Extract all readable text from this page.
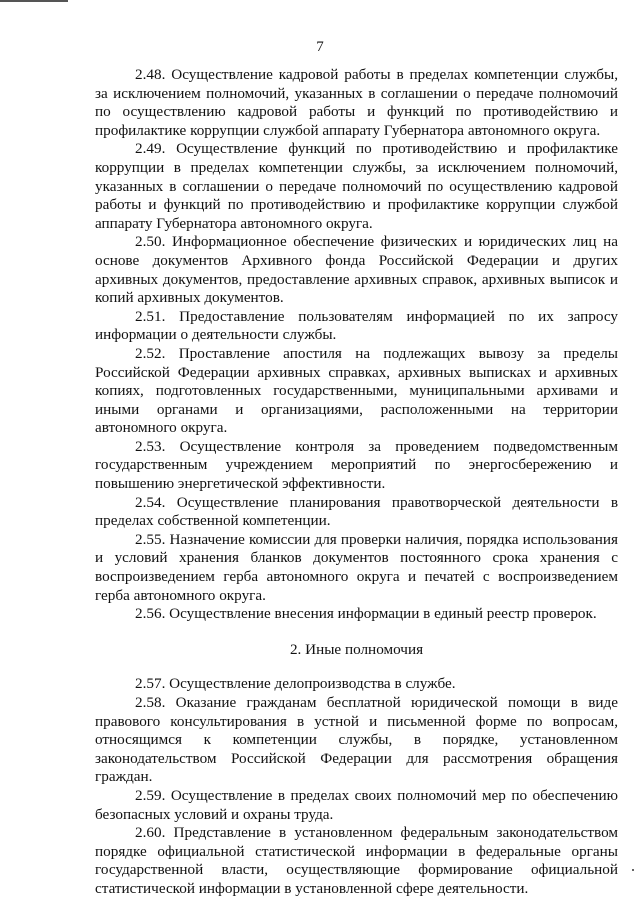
7

2.48. Осуществление кадровой работы в пределах компетенции службы, за исключением полномочий, указанных в соглашении о передаче полномочий по осуществлению кадровой работы и функций по противодействию и профилактике коррупции службой аппарату Губернатора автономного округа.

2.49. Осуществление функций по противодействию и профилактике коррупции в пределах компетенции службы, за исключением полномочий, указанных в соглашении о передаче полномочий по осуществлению кадровой работы и функций по противодействию и профилактике коррупции службой аппарату Губернатора автономного округа.

2.50. Информационное обеспечение физических и юридических лиц на основе документов Архивного фонда Российской Федерации и других архивных документов, предоставление архивных справок, архивных выписок и копий архивных документов.

2.51. Предоставление пользователям информацией по их запросу информации о деятельности службы.

2.52. Проставление апостиля на подлежащих вывозу за пределы Российской Федерации архивных справках, архивных выписках и архивных копиях, подготовленных государственными, муниципальными архивами и иными органами и организациями, расположенными на территории автономного округа.

2.53. Осуществление контроля за проведением подведомственным государственным учреждением мероприятий по энергосбережению и повышению энергетической эффективности.

2.54. Осуществление планирования правотворческой деятельности в пределах собственной компетенции.

2.55. Назначение комиссии для проверки наличия, порядка использования и условий хранения бланков документов постоянного срока хранения с воспроизведением герба автономного округа и печатей с воспроизведением герба автономного округа.

2.56. Осуществление внесения информации в единый реестр проверок.

2. Иные полномочия

2.57. Осуществление делопроизводства в службе.

2.58. Оказание гражданам бесплатной юридической помощи в виде правового консультирования в устной и письменной форме по вопросам, относящимся к компетенции службы, в порядке, установленном законодательством Российской Федерации для рассмотрения обращения граждан.

2.59. Осуществление в пределах своих полномочий мер по обеспечению безопасных условий и охраны труда.

2.60. Представление в установленном федеральным законодательством порядке официальной статистической информации в федеральные органы государственной власти, осуществляющие формирование официальной статистической информации в установленной сфере деятельности.
